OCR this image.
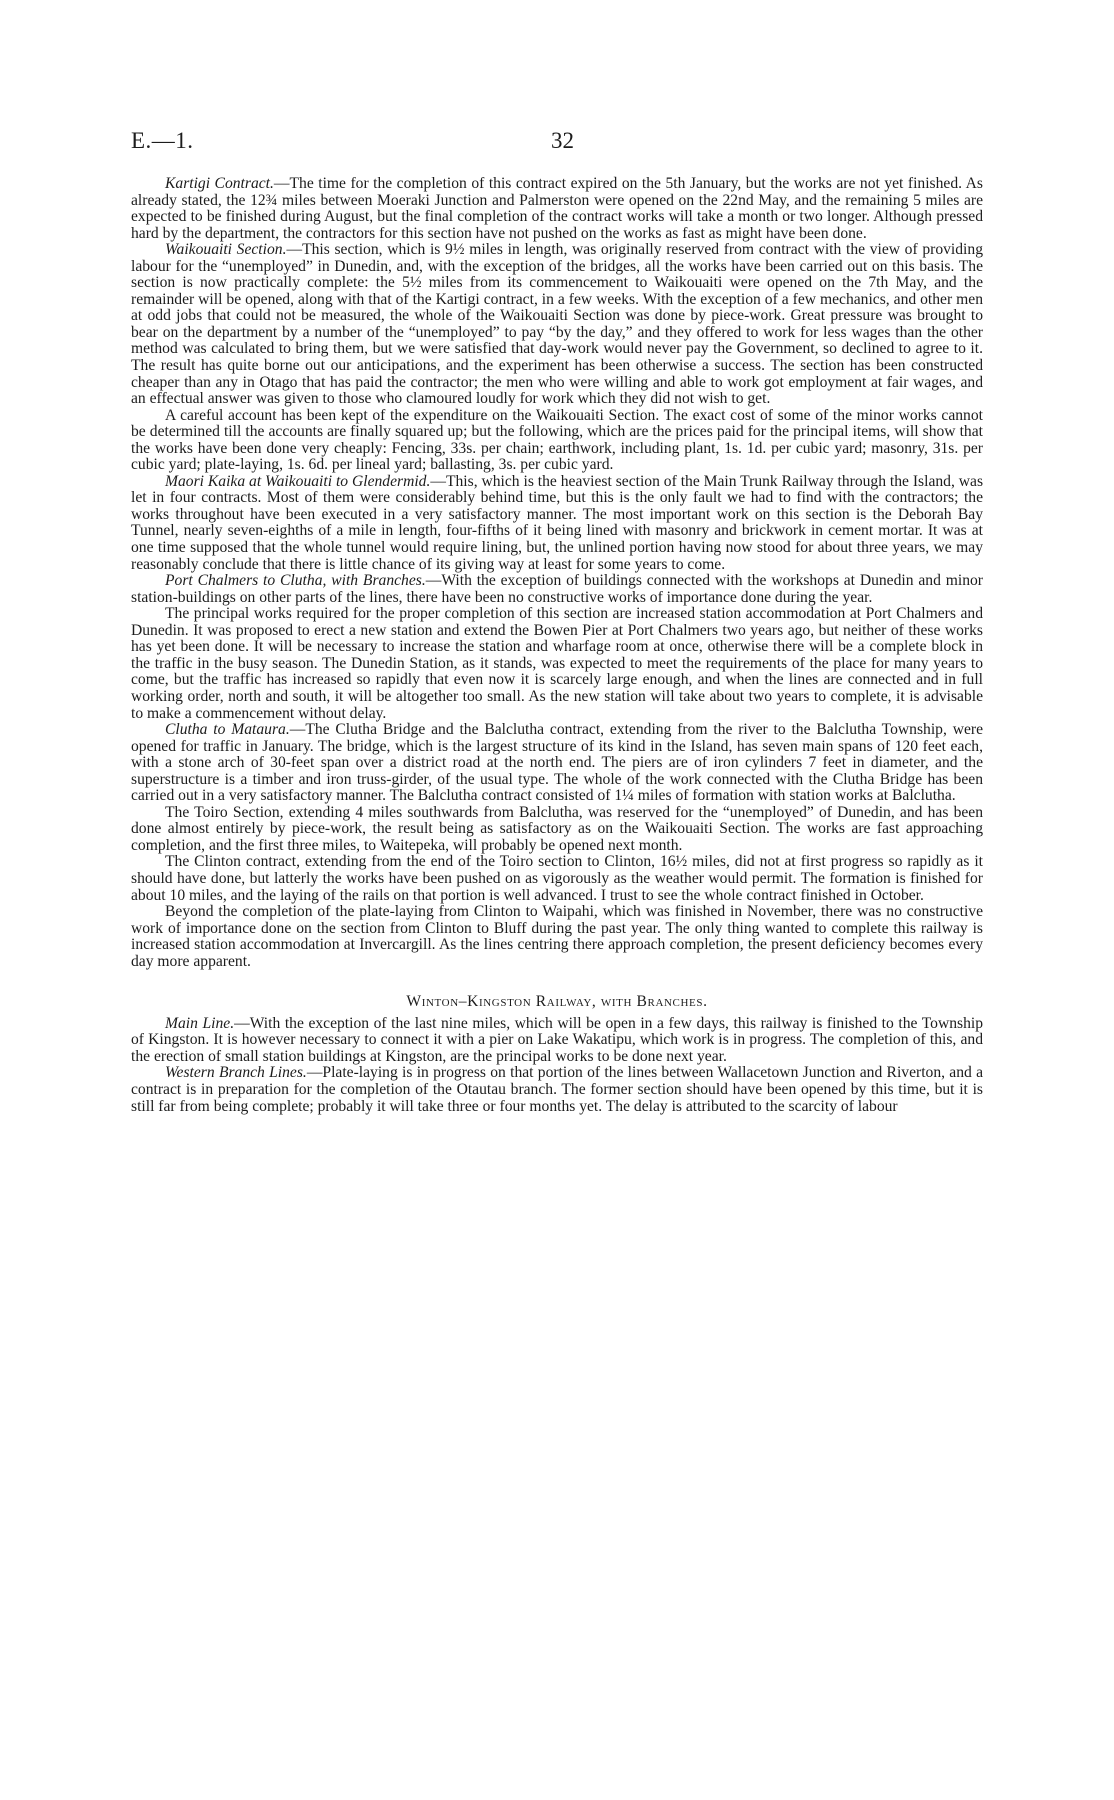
E.—1.	32

Kartigi Contract.—The time for the completion of this contract expired on the 5th January, but the works are not yet finished. As already stated, the 12¾ miles between Moeraki Junction and Palmerston were opened on the 22nd May, and the remaining 5 miles are expected to be finished during August, but the final completion of the contract works will take a month or two longer. Although pressed hard by the department, the contractors for this section have not pushed on the works as fast as might have been done.

Waikouaiti Section.—This section, which is 9½ miles in length, was originally reserved from contract with the view of providing labour for the “unemployed” in Dunedin, and, with the exception of the bridges, all the works have been carried out on this basis. The section is now practically complete: the 5½ miles from its commencement to Waikouaiti were opened on the 7th May, and the remainder will be opened, along with that of the Kartigi contract, in a few weeks. With the exception of a few mechanics, and other men at odd jobs that could not be measured, the whole of the Waikouaiti Section was done by piece-work. Great pressure was brought to bear on the department by a number of the “unemployed” to pay “by the day,” and they offered to work for less wages than the other method was calculated to bring them, but we were satisfied that day-work would never pay the Government, so declined to agree to it. The result has quite borne out our anticipations, and the experiment has been otherwise a success. The section has been constructed cheaper than any in Otago that has paid the contractor; the men who were willing and able to work got employment at fair wages, and an effectual answer was given to those who clamoured loudly for work which they did not wish to get.

A careful account has been kept of the expenditure on the Waikouaiti Section. The exact cost of some of the minor works cannot be determined till the accounts are finally squared up; but the following, which are the prices paid for the principal items, will show that the works have been done very cheaply: Fencing, 33s. per chain; earthwork, including plant, 1s. 1d. per cubic yard; masonry, 31s. per cubic yard; plate-laying, 1s. 6d. per lineal yard; ballasting, 3s. per cubic yard.

Maori Kaika at Waikouaiti to Glendermid.—This, which is the heaviest section of the Main Trunk Railway through the Island, was let in four contracts. Most of them were considerably behind time, but this is the only fault we had to find with the contractors; the works throughout have been executed in a very satisfactory manner. The most important work on this section is the Deborah Bay Tunnel, nearly seven-eighths of a mile in length, four-fifths of it being lined with masonry and brickwork in cement mortar. It was at one time supposed that the whole tunnel would require lining, but, the unlined portion having now stood for about three years, we may reasonably conclude that there is little chance of its giving way at least for some years to come.

Port Chalmers to Clutha, with Branches.—With the exception of buildings connected with the workshops at Dunedin and minor station-buildings on other parts of the lines, there have been no constructive works of importance done during the year.

The principal works required for the proper completion of this section are increased station accommodation at Port Chalmers and Dunedin. It was proposed to erect a new station and extend the Bowen Pier at Port Chalmers two years ago, but neither of these works has yet been done. It will be necessary to increase the station and wharfage room at once, otherwise there will be a complete block in the traffic in the busy season. The Dunedin Station, as it stands, was expected to meet the requirements of the place for many years to come, but the traffic has increased so rapidly that even now it is scarcely large enough, and when the lines are connected and in full working order, north and south, it will be altogether too small. As the new station will take about two years to complete, it is advisable to make a commencement without delay.

Clutha to Mataura.—The Clutha Bridge and the Balclutha contract, extending from the river to the Balclutha Township, were opened for traffic in January. The bridge, which is the largest structure of its kind in the Island, has seven main spans of 120 feet each, with a stone arch of 30-feet span over a district road at the north end. The piers are of iron cylinders 7 feet in diameter, and the superstructure is a timber and iron truss-girder, of the usual type. The whole of the work connected with the Clutha Bridge has been carried out in a very satisfactory manner. The Balclutha contract consisted of 1¼ miles of formation with station works at Balclutha.

The Toiro Section, extending 4 miles southwards from Balclutha, was reserved for the “unemployed” of Dunedin, and has been done almost entirely by piece-work, the result being as satisfactory as on the Waikouaiti Section. The works are fast approaching completion, and the first three miles, to Waitepeka, will probably be opened next month.

The Clinton contract, extending from the end of the Toiro section to Clinton, 16½ miles, did not at first progress so rapidly as it should have done, but latterly the works have been pushed on as vigorously as the weather would permit. The formation is finished for about 10 miles, and the laying of the rails on that portion is well advanced. I trust to see the whole contract finished in October.

Beyond the completion of the plate-laying from Clinton to Waipahi, which was finished in November, there was no constructive work of importance done on the section from Clinton to Bluff during the past year. The only thing wanted to complete this railway is increased station accommodation at Invercargill. As the lines centring there approach completion, the present deficiency becomes every day more apparent.

Winton–Kingston Railway, with Branches.

Main Line.—With the exception of the last nine miles, which will be open in a few days, this railway is finished to the Township of Kingston. It is however necessary to connect it with a pier on Lake Wakatipu, which work is in progress. The completion of this, and the erection of small station buildings at Kingston, are the principal works to be done next year.

Western Branch Lines.—Plate-laying is in progress on that portion of the lines between Wallacetown Junction and Riverton, and a contract is in preparation for the completion of the Otautau branch. The former section should have been opened by this time, but it is still far from being complete; probably it will take three or four months yet. The delay is attributed to the scarcity of labour
